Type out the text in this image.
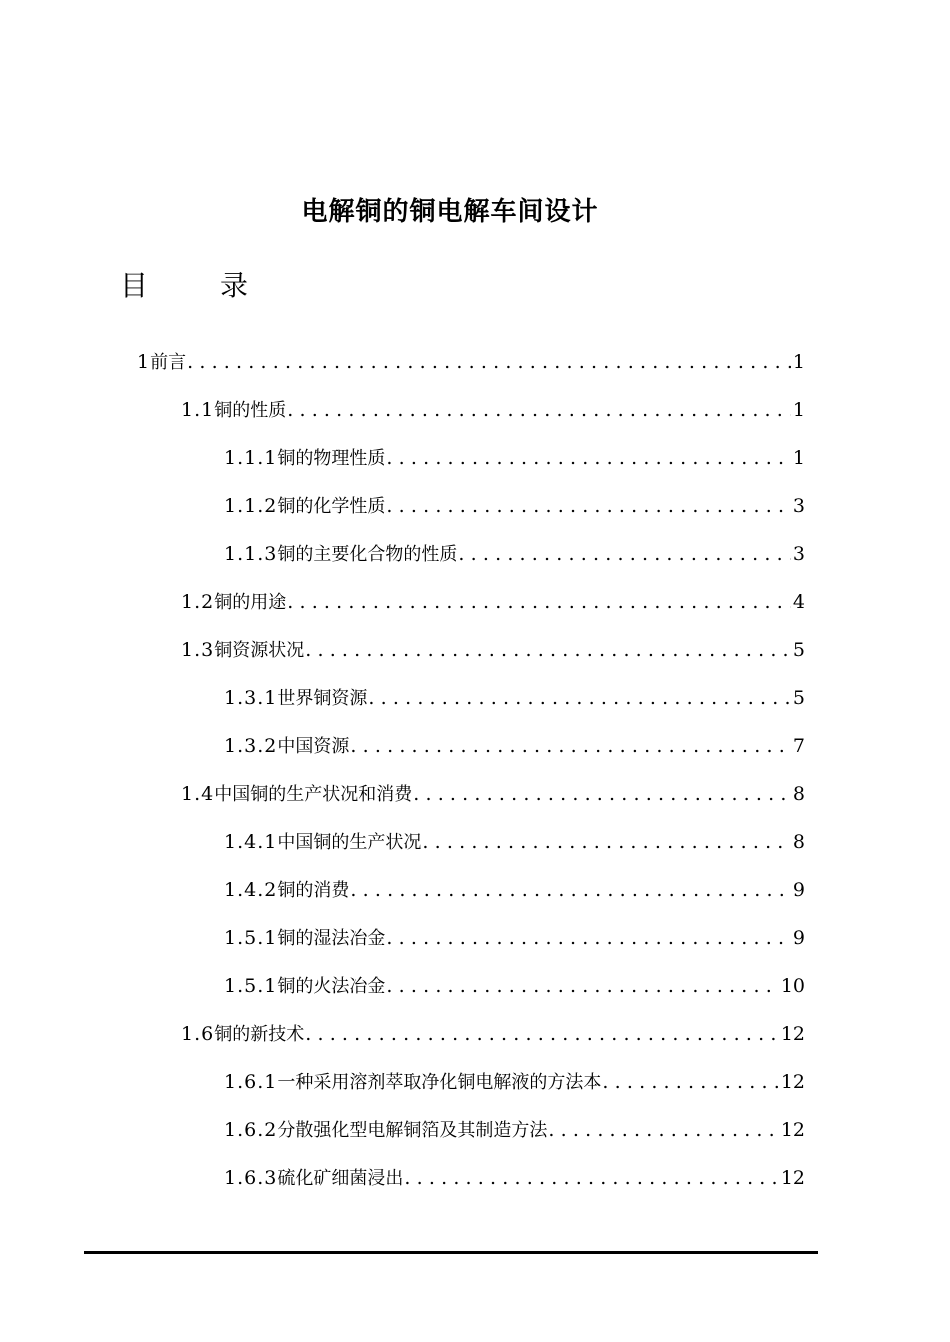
电解铜的铜电解车间设计
目　录
1 前言 .....	1
1.1 铜的性质 .....	1
1.1.1 铜的物理性质 .....	1
1.1.2 铜的化学性质 .....	3
1.1.3 铜的主要化合物的性质 .....	3
1.2 铜的用途 .....	4
1.3 铜资源状况 .....	5
1.3.1 世界铜资源 .....	5
1.3.2 中国资源 .....	7
1.4 中国铜的生产状况和消费 .....	8
1.4.1 中国铜的生产状况 .....	8
1.4.2 铜的消费 .....	9
1.5.1 铜的湿法冶金 .....	9
1.5.1 铜的火法冶金 .....	10
1.6 铜的新技术 .....	12
1.6.1 一种采用溶剂萃取净化铜电解液的方法本 .....	12
1.6.2 分散强化型电解铜箔及其制造方法 .....	12
1.6.3 硫化矿细菌浸出 .....	12
